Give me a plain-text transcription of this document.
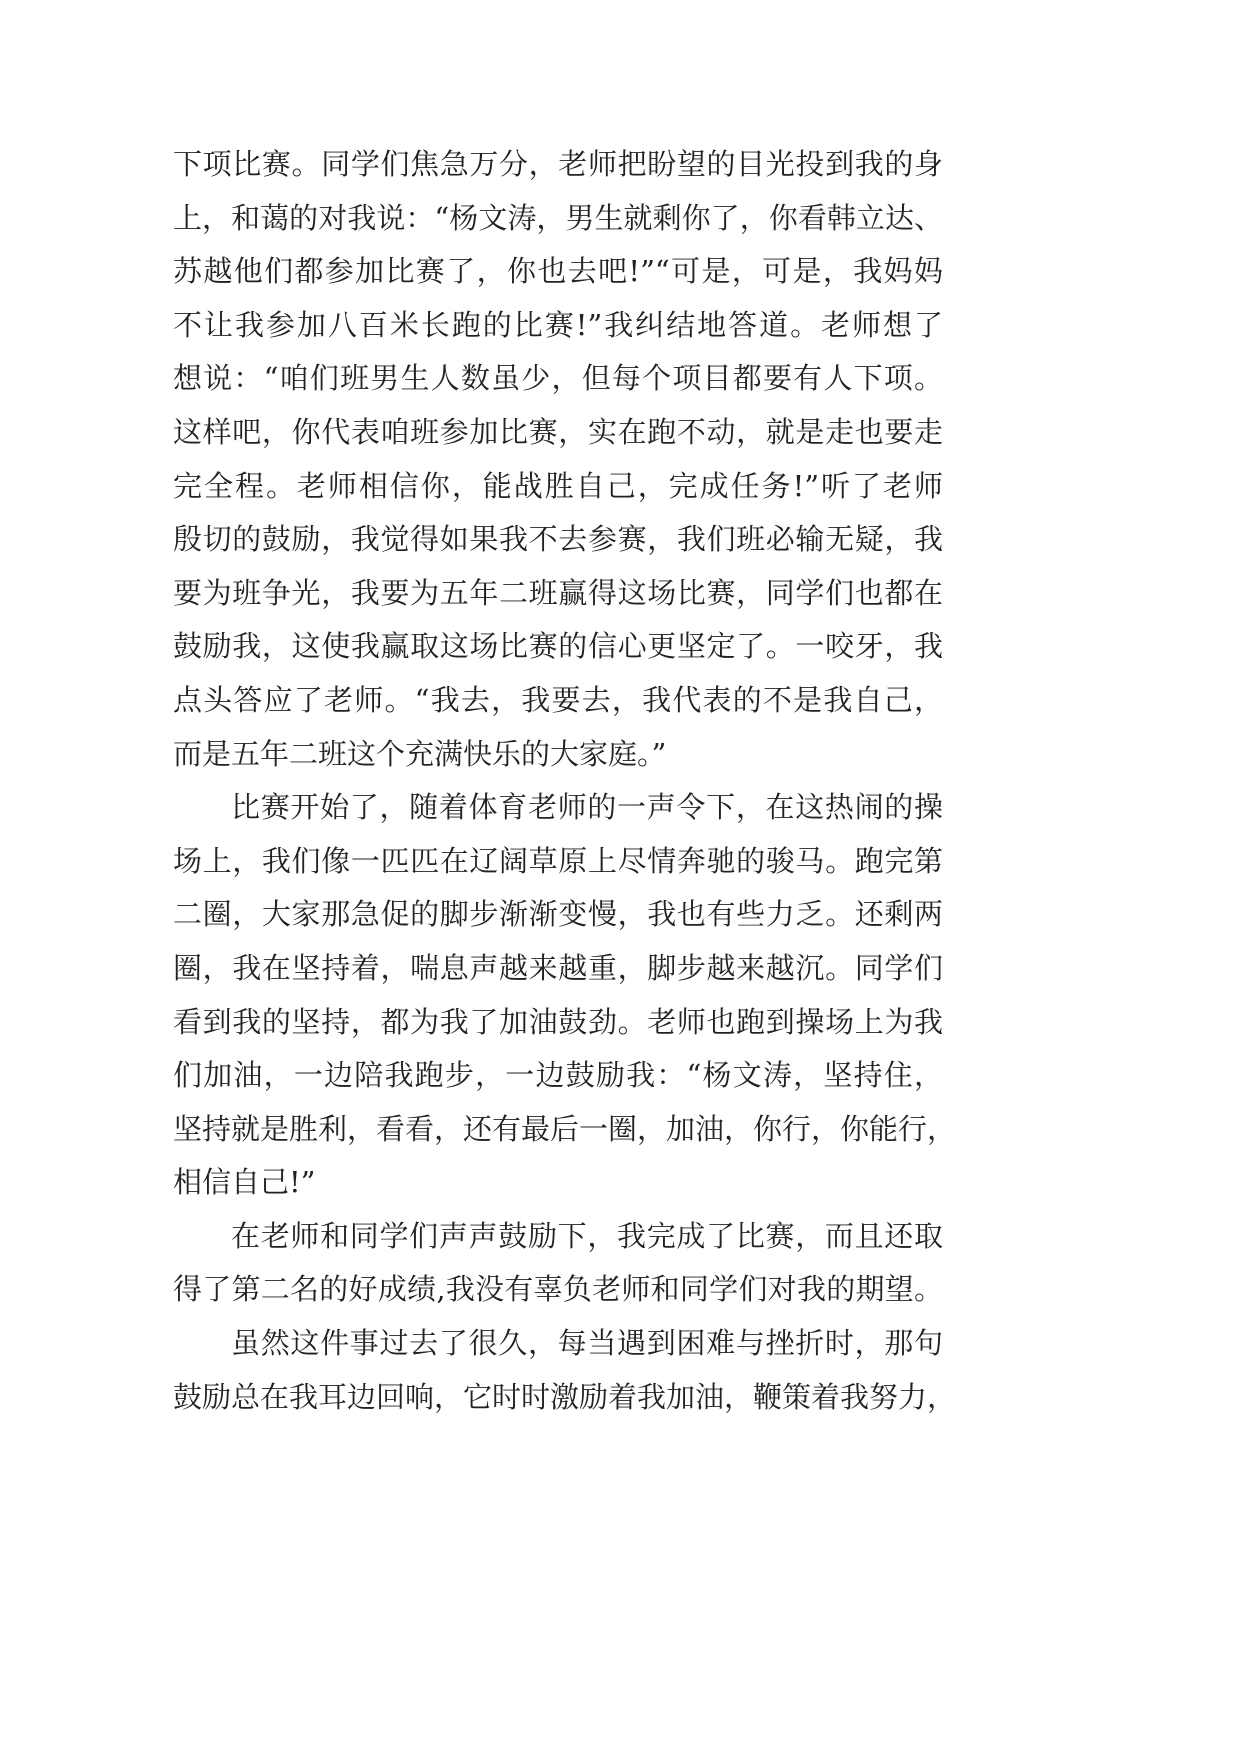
下项比赛。同学们焦急万分，老师把盼望的目光投到我的身
上，和蔼的对我说：“杨文涛，男生就剩你了，你看韩立达、
苏越他们都参加比赛了，你也去吧!”“可是，可是，我妈妈
不让我参加八百米长跑的比赛!”我纠结地答道。老师想了
想说：“咱们班男生人数虽少，但每个项目都要有人下项。
这样吧，你代表咱班参加比赛，实在跑不动，就是走也要走
完全程。老师相信你，能战胜自己，完成任务!”听了老师
殷切的鼓励，我觉得如果我不去参赛，我们班必输无疑，我
要为班争光，我要为五年二班赢得这场比赛，同学们也都在
鼓励我，这使我赢取这场比赛的信心更坚定了。一咬牙，我
点头答应了老师。“我去，我要去，我代表的不是我自己，
而是五年二班这个充满快乐的大家庭。”
比赛开始了，随着体育老师的一声令下，在这热闹的操
场上，我们像一匹匹在辽阔草原上尽情奔驰的骏马。跑完第
二圈，大家那急促的脚步渐渐变慢，我也有些力乏。还剩两
圈，我在坚持着，喘息声越来越重，脚步越来越沉。同学们
看到我的坚持，都为我了加油鼓劲。老师也跑到操场上为我
们加油，一边陪我跑步，一边鼓励我：“杨文涛，坚持住，
坚持就是胜利，看看，还有最后一圈，加油，你行，你能行，
相信自己!”
在老师和同学们声声鼓励下，我完成了比赛，而且还取
得了第二名的好成绩,我没有辜负老师和同学们对我的期望。
虽然这件事过去了很久，每当遇到困难与挫折时，那句
鼓励总在我耳边回响，它时时激励着我加油，鞭策着我努力，
